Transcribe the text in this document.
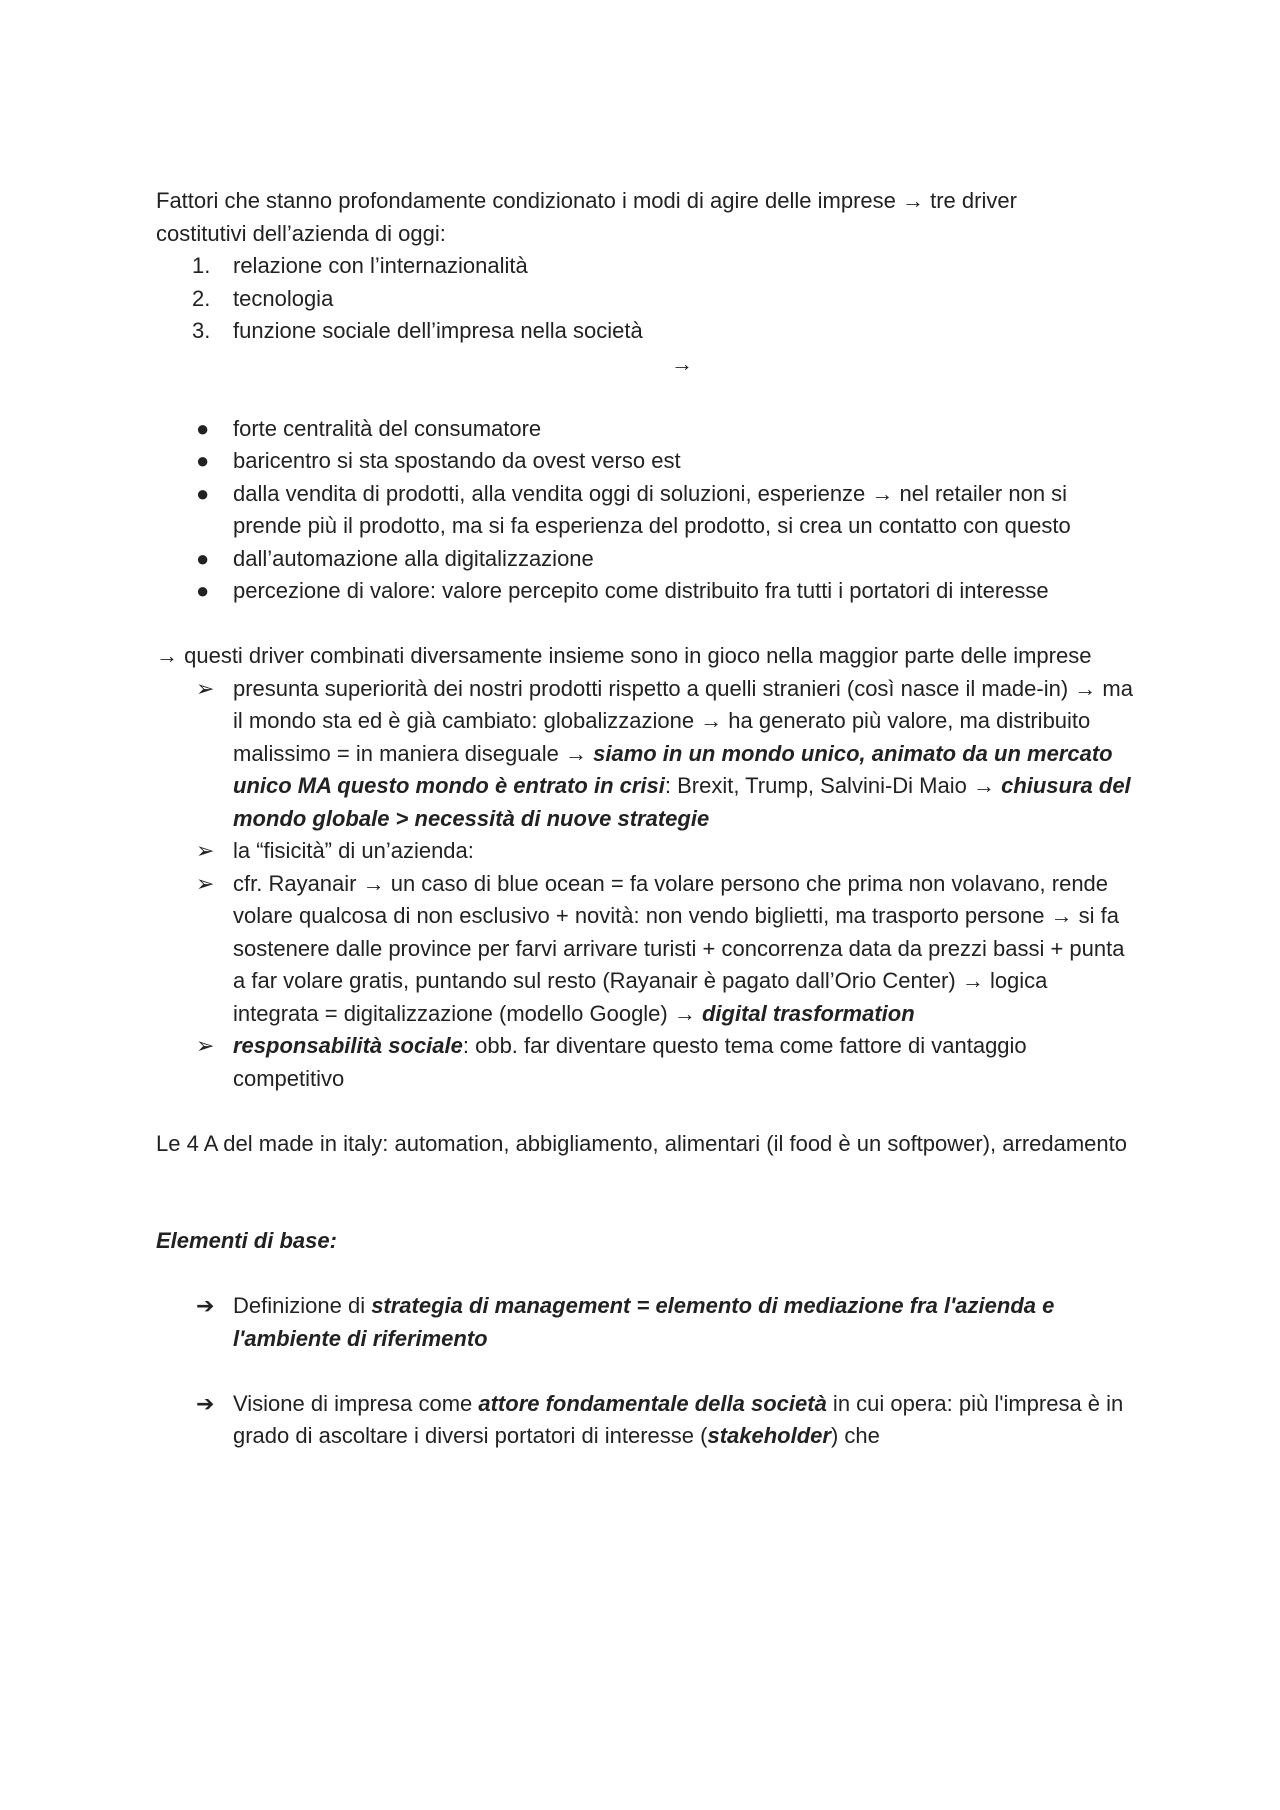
Fattori che stanno profondamente condizionato i modi di agire delle imprese → tre driver
costitutivi dell’azienda di oggi:

1.	relazione con l’internazionalità
2.	tecnologia
3.	funzione sociale dell’impresa nella società

→

●	forte centralità del consumatore
●	baricentro si sta spostando da ovest verso est
●	dalla vendita di prodotti, alla vendita oggi di soluzioni, esperienze → nel retailer non si prende più il prodotto, ma si fa esperienza del prodotto, si crea un contatto con questo
●	dall’automazione alla digitalizzazione
●	percezione di valore: valore percepito come distribuito fra tutti i portatori di interesse

→ questi driver combinati diversamente insieme sono in gioco nella maggior parte delle imprese

➢ presunta superiorità dei nostri prodotti rispetto a quelli stranieri (così nasce il made-in) → ma il mondo sta ed è già cambiato: globalizzazione → ha generato più valore, ma distribuito malissimo = in maniera diseguale → siamo in un mondo unico, animato da un mercato unico MA questo mondo è entrato in crisi: Brexit, Trump, Salvini-Di Maio → chiusura del mondo globale > necessità di nuove strategie
➢ la “fisicità” di un’azienda:
➢ cfr. Rayanair → un caso di blue ocean = fa volare persono che prima non volavano, rende volare qualcosa di non esclusivo + novità: non vendo biglietti, ma trasporto persone → si fa sostenere dalle province per farvi arrivare turisti + concorrenza data da prezzi bassi + punta a far volare gratis, puntando sul resto (Rayanair è pagato dall’Orio Center) → logica integrata = digitalizzazione (modello Google) → digital trasformation
➢ responsabilità sociale: obb. far diventare questo tema come fattore di vantaggio competitivo

Le 4 A del made in italy: automation, abbigliamento, alimentari (il food è un softpower), arredamento

Elementi di base:

➔ Definizione di strategia di management = elemento di mediazione fra l'azienda e l'ambiente di riferimento
➔ Visione di impresa come attore fondamentale della società in cui opera: più l'impresa è in grado di ascoltare i diversi portatori di interesse (stakeholder) che
